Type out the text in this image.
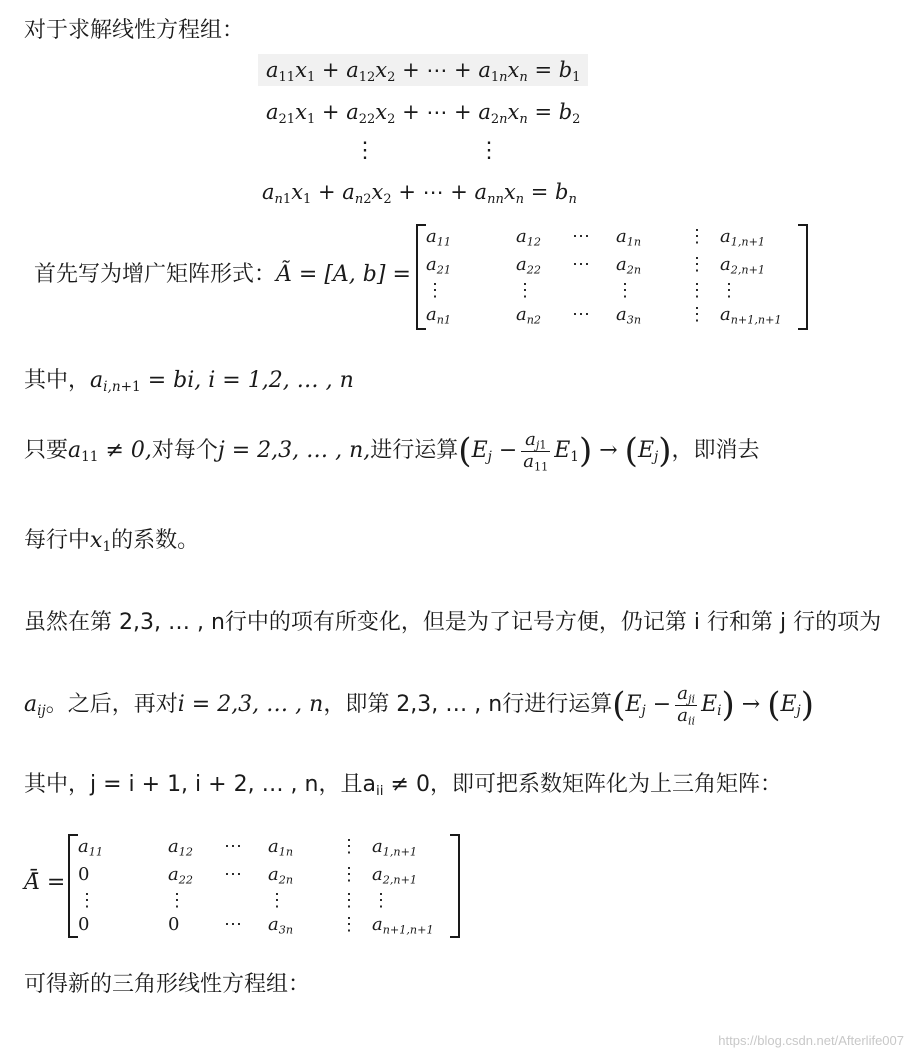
对于求解线性方程组：
$a_{11}x_1 + a_{12}x_2$ + ⋯ + $a_{1n}x_n = b_1$
$a_{21}x_1 + a_{22}x_2$ + ⋯ + $a_{2n}x_n = b_2$
⋮	⋮
$a_{n1}x_1 + a_{n2}x_2$ + ⋯ + $a_{nn}x_n = b_n$
首先写为增广矩阵形式：Ã = [A, b] =
$a_{11}$	$a_{12}$ ⋯ $a_{1n}$	⋮ $a_{1,n+1}$
$a_{21}$	$a_{22}$ ⋯ $a_{2n}$	⋮ $a_{2,n+1}$
⋮	⋮	⋮	⋮ ⋮
$a_{n1}$	$a_{n2}$ ⋯ $a_{3n}$	⋮ $a_{n+1,n+1}$
其中，$a_{i,n+1}$ = bi, i = 1,2, … , n
只要$a_{11} \ne 0$,对每个j = 2,3, … , n,进行运算$(E_j - \frac{a_{j1}}{a_{11}} E_1) \to (E_j)$，即消去
每行中$x_1$的系数。
虽然在第 2,3, … , n行中的项有所变化，但是为了记号方便，仍记第 i 行和第 j 行的项为
$a_{ij}$。之后，再对i = 2,3, … , n，即第 2,3, … , n行进行运算$(E_j - \frac{a_{ji}}{a_{ii}} E_i) \to (E_j)$
其中，j = i + 1, i + 2, … , n，且$a_{ii} \ne 0$，即可把系数矩阵化为上三角矩阵：
Ā̄ =
$a_{11}$	$a_{12}$ ⋯ $a_{1n}$	⋮ $a_{1,n+1}$
0	$a_{22}$ ⋯ $a_{2n}$	⋮ $a_{2,n+1}$
⋮	⋮	⋮	⋮ ⋮
0	0 ⋯ $a_{3n}$	⋮ $a_{n+1,n+1}$
可得新的三角形线性方程组：
https://blog.csdn.net/Afterlife007
